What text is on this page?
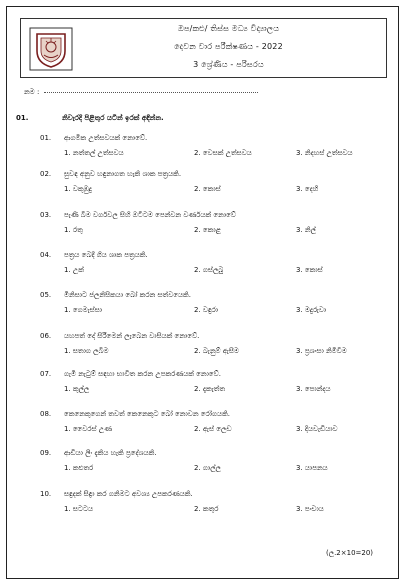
ඔප/කළු/ තිස්ස මධ්‍ය විද්‍යාලය
දෙවන වාර පරීක්ෂණය - 2022
3 ශ්‍රේණිය - පරිසරය
නම :
01.	නිවැරදි පිළිතුර යටින් ඉරක් අඳින්න.
01. ආගමික උත්සවයක් නොවේ.
1. නත්තල් උත්සවය	2. වෙසක් උත්සවය	3. නිදහස් උත්සවය
02. සුවඳ අනුව හඳුනාගත හැකි ශාක පත්‍රයකි.
1. වකුඹුදු	2. කොස්	3. දෙහි
03. පැණි බීම වර්ගවල සිහි ඔටීටම පෙන්වන වර්ණයක් නොවේ
1. රතු	2. කොළ	3. නිල්
04. පත්‍රය බෙදී ගිය ශාක පත්‍රයකි.
1. උක්	2. ගස්ලබු	3. කොස්
05. මිනිසාට ජලනිසිකයා බෝ කරන සත්වයෙකි.
1. ගෙමැස්සා	2. වඳුරා	3. මදුරුවා
06. යහපත් දේ සිරීමෙන් ලැබෙන වාසියක් නොවේ.
1. සතාග ලබීම	2. බැනුම් ඇසීම	3. ප්‍රශංසා නිමිවීම
07. ගැමි නැටුම් සඳහා භාවිත කරන උපකරණයක් නොවේ.
1. කුල්ල	2. දැකැත්ත	3. පොන්දය
08. කෙනෙකුගෙන් තවත් කෙනෙකුට බෝ නොවන රෝගයකි.
1. වෛරස් උණ	2. ඇස් ලෙඩ	3. දියවැඩියාව
09. ආඩියා ලිං දැකිය හැකි ප්‍රදේශයකි.
1. කළුතර	2. ගාල්ල	3. යාපනය
10. සඳුදක් සිඳ්‍රා කර ගනිමට අවශ්‍ය උපකරණයකි.
1. සටටය	2. කතුර	3. පංචාය
(ල.2×10=20)
